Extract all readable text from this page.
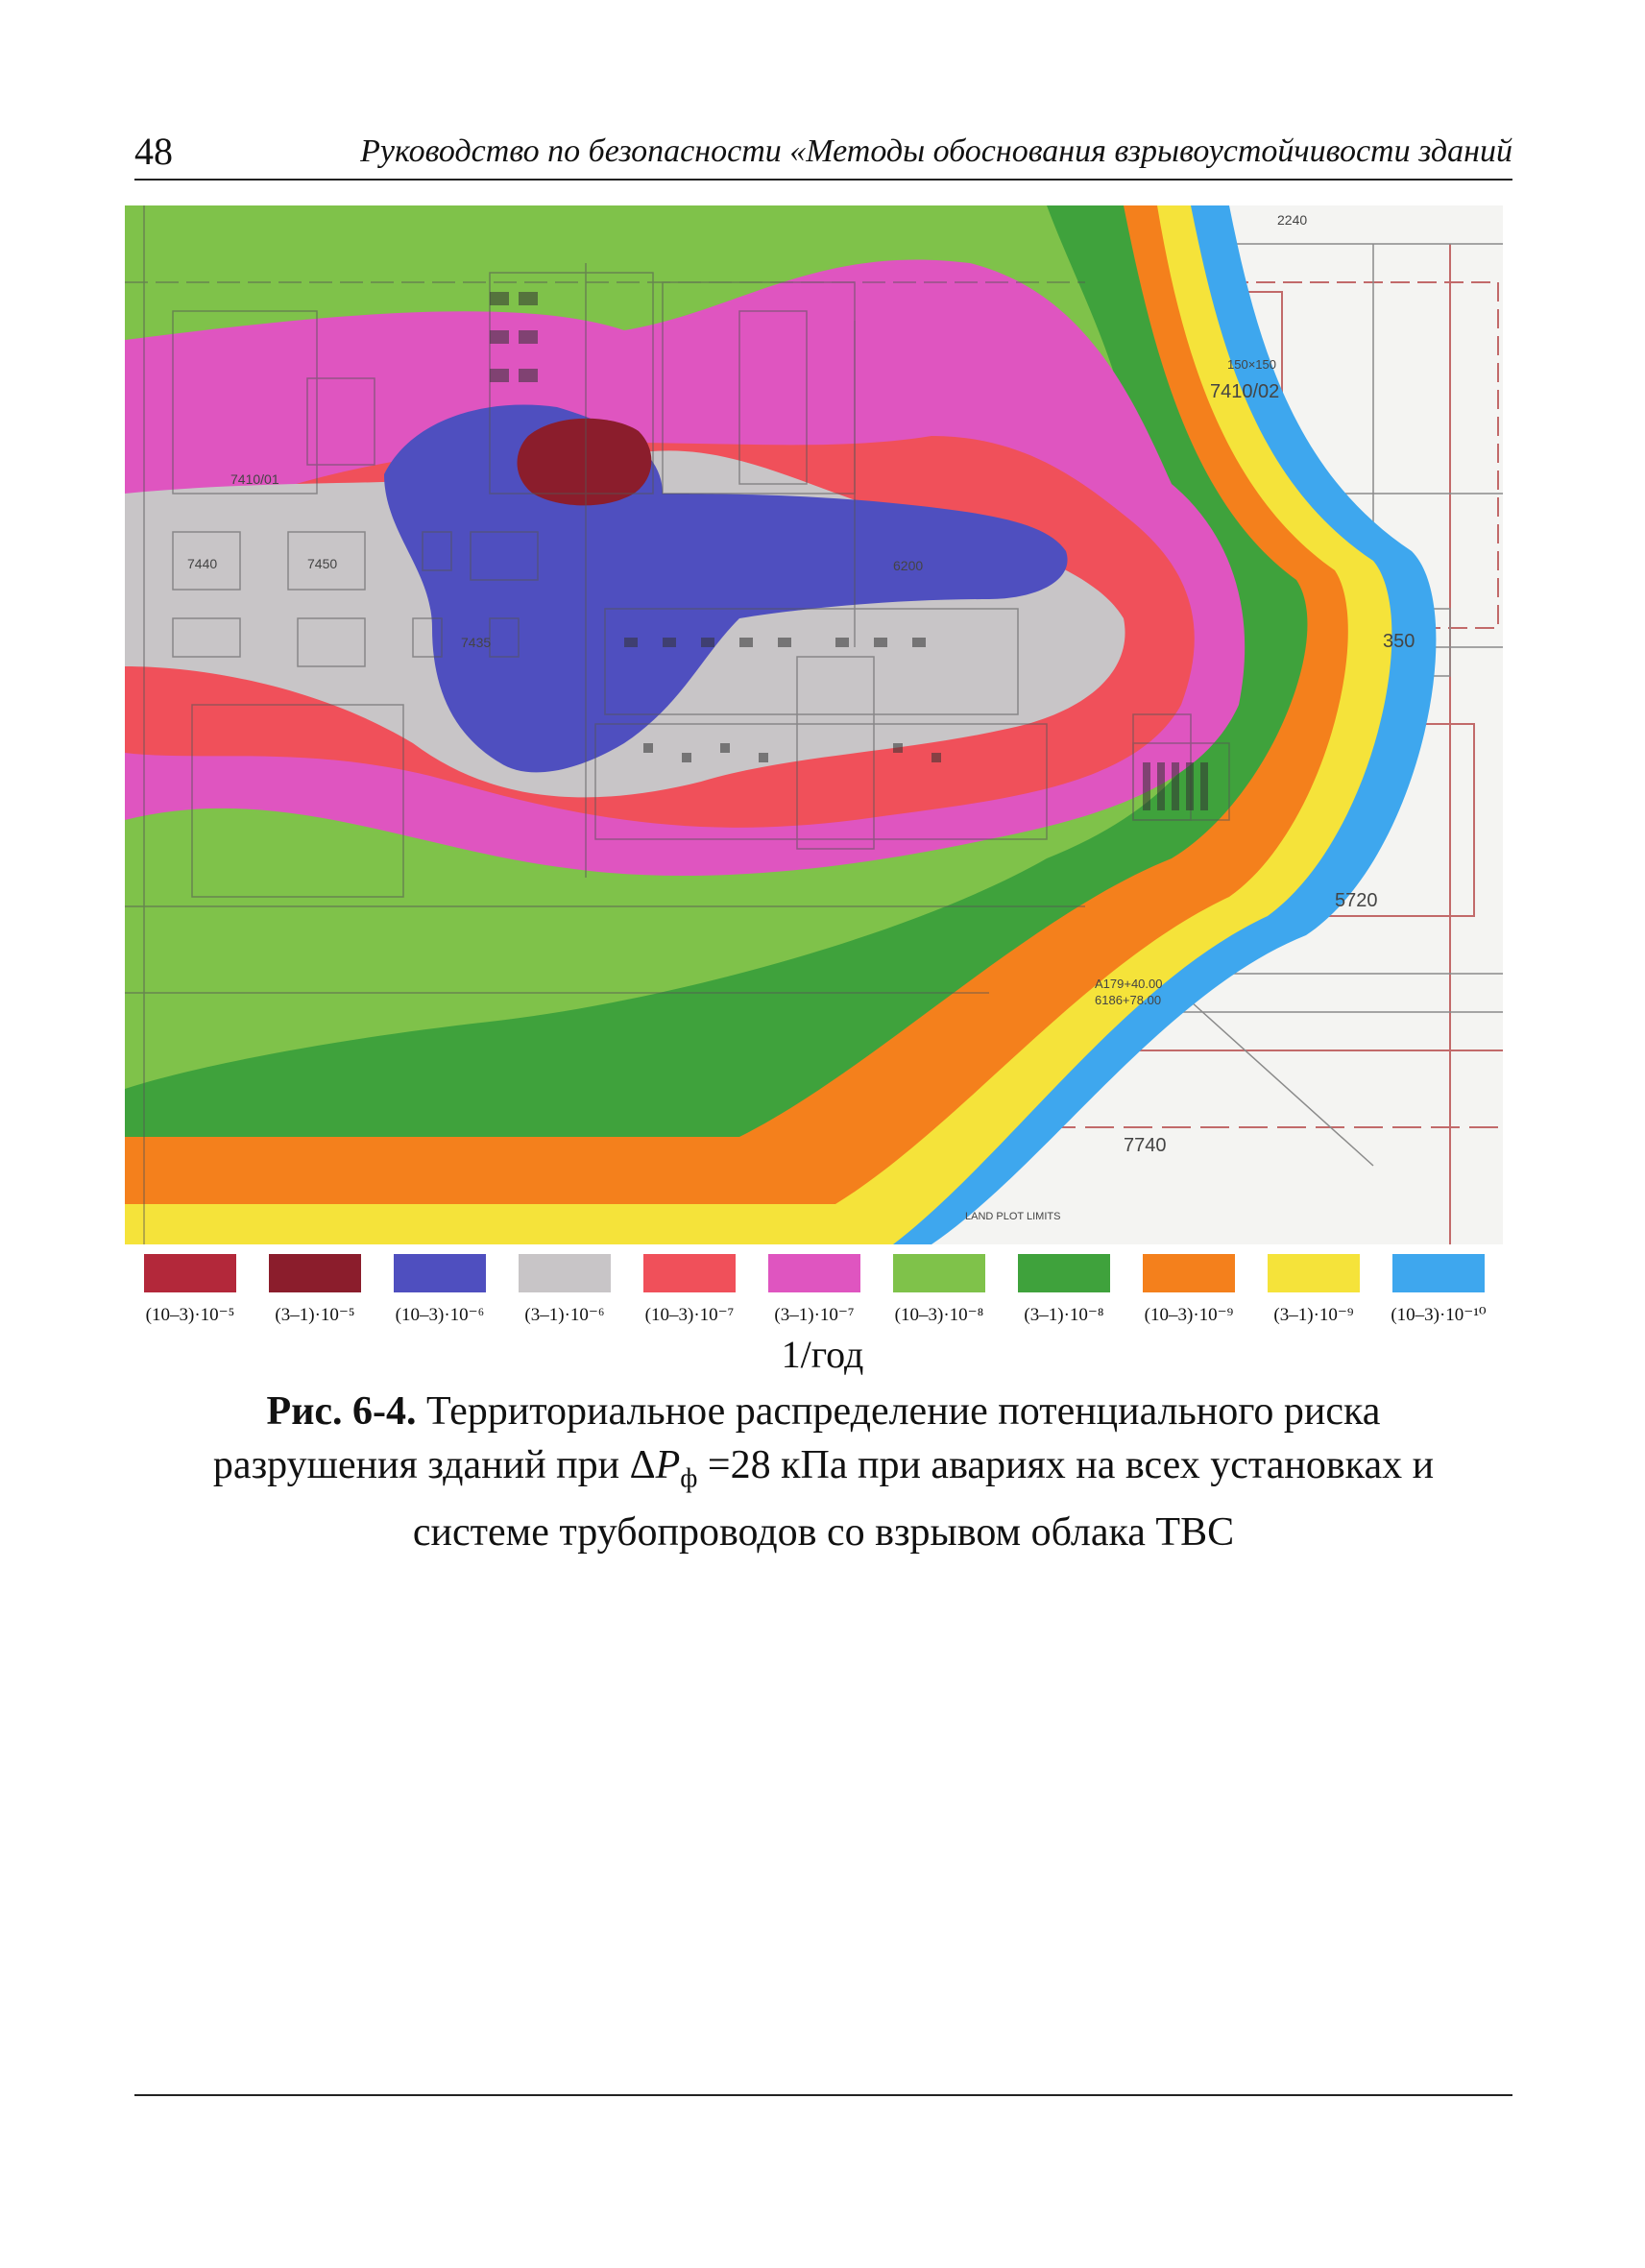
48	Руководство по безопасности «Методы обоснования взрывоустойчивости зданий
2240
150×150
7410/02
7410/01
7440	7450
7435
6200
350
5720
A179+40.00
6186+78.00
7740
LAND PLOT LIMITS
(10–3)·10⁻⁵	(3–1)·10⁻⁵	(10–3)·10⁻⁶	(3–1)·10⁻⁶	(10–3)·10⁻⁷	(3–1)·10⁻⁷	(10–3)·10⁻⁸	(3–1)·10⁻⁸	(10–3)·10⁻⁹	(3–1)·10⁻⁹	(10–3)·10⁻¹⁰
1/год
Рис. 6-4. Территориальное распределение потенциального риска
разрушения зданий при $\Delta P_ф =28$ кПа при авариях на всех установках и
системе трубопроводов со взрывом облака ТВС
